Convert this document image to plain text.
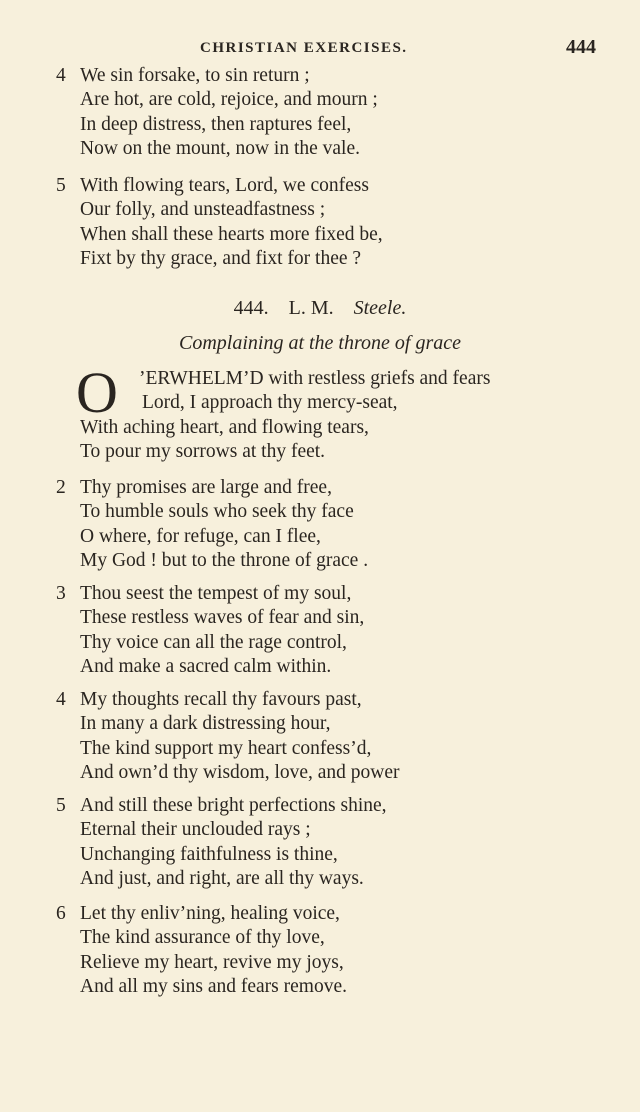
CHRISTIAN EXERCISES.	444
4 We sin forsake, to sin return ;

Are hot, are cold, rejoice, and mourn ;

In deep distress, then raptures feel,

Now on the mount, now in the vale.

5 With flowing tears, Lord, we confess

Our folly, and unsteadfastness ;

When shall these hearts more fixed be,

Fixt by thy grace, and fixt for thee ?

444. L. M. Steele.
Complaining at the throne of grace
O ’ERWHELM’D with restless griefs and fears

Lord, I approach thy mercy-seat,

With aching heart, and flowing tears,

To pour my sorrows at thy feet.

2 Thy promises are large and free,

To humble souls who seek thy face

O where, for refuge, can I flee,

My God ! but to the throne of grace .

3 Thou seest the tempest of my soul,

These restless waves of fear and sin,

Thy voice can all the rage control,

And make a sacred calm within.

4 My thoughts recall thy favours past,

In many a dark distressing hour,

The kind support my heart confess’d,

And own’d thy wisdom, love, and power

5 And still these bright perfections shine,

Eternal their unclouded rays ;

Unchanging faithfulness is thine,

And just, and right, are all thy ways.

6 Let thy enliv’ning, healing voice,

The kind assurance of thy love,

Relieve my heart, revive my joys,

And all my sins and fears remove.
